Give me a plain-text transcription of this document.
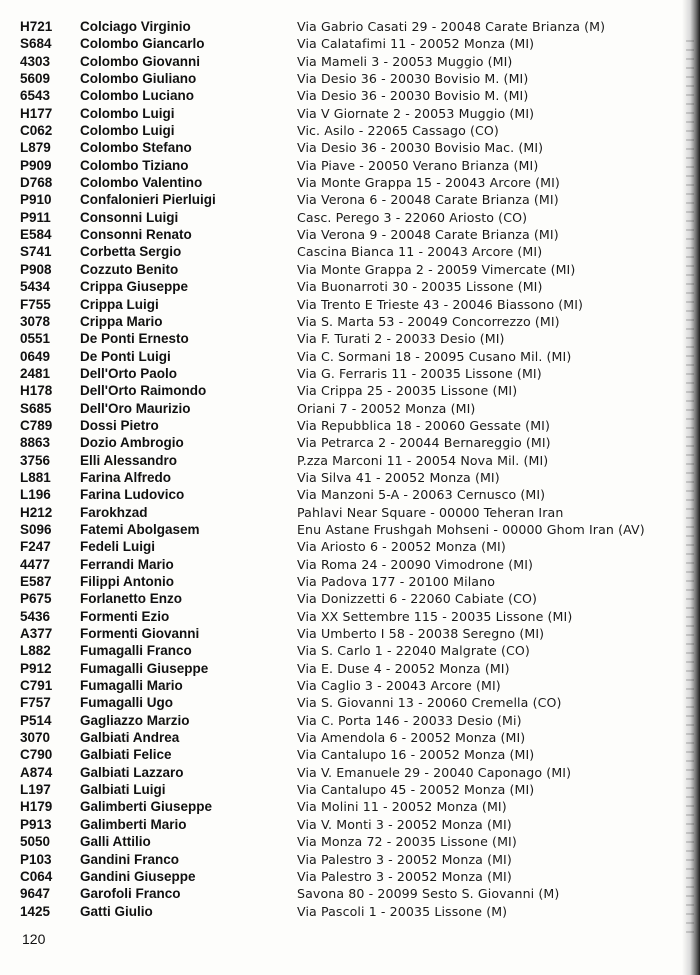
H721	Colciago Virginio	Via Gabrio Casati 29 - 20048 Carate Brianza (M)
S684	Colombo Giancarlo	Via Calatafimi 11 - 20052 Monza (MI)
4303	Colombo Giovanni	Via Mameli 3 - 20053 Muggio (MI)
5609	Colombo Giuliano	Via Desio 36 - 20030 Bovisio M. (MI)
6543	Colombo Luciano	Via Desio 36 - 20030 Bovisio M. (MI)
H177	Colombo Luigi	Via V Giornate 2 - 20053 Muggio (MI)
C062	Colombo Luigi	Vic. Asilo - 22065 Cassago (CO)
L879	Colombo Stefano	Via Desio 36 - 20030 Bovisio Mac. (MI)
P909	Colombo Tiziano	Via Piave - 20050 Verano Brianza (MI)
D768	Colombo Valentino	Via Monte Grappa 15 - 20043 Arcore (MI)
P910	Confalonieri Pierluigi	Via Verona 6 - 20048 Carate Brianza (MI)
P911	Consonni Luigi	Casc. Perego 3 - 22060 Ariosto (CO)
E584	Consonni Renato	Via Verona 9 - 20048 Carate Brianza (MI)
S741	Corbetta Sergio	Cascina Bianca 11 - 20043 Arcore (MI)
P908	Cozzuto Benito	Via Monte Grappa 2 - 20059 Vimercate (MI)
5434	Crippa Giuseppe	Via Buonarroti 30 - 20035 Lissone (MI)
F755	Crippa Luigi	Via Trento E Trieste 43 - 20046 Biassono (MI)
3078	Crippa Mario	Via S. Marta 53 - 20049 Concorrezzo (MI)
0551	De Ponti Ernesto	Via F. Turati 2 - 20033 Desio (MI)
0649	De Ponti Luigi	Via C. Sormani 18 - 20095 Cusano Mil. (MI)
2481	Dell'Orto Paolo	Via G. Ferraris 11 - 20035 Lissone (MI)
H178	Dell'Orto Raimondo	Via Crippa 25 - 20035 Lissone (MI)
S685	Dell'Oro Maurizio	Oriani 7 - 20052 Monza (MI)
C789	Dossi Pietro	Via Repubblica 18 - 20060 Gessate (MI)
8863	Dozio Ambrogio	Via Petrarca 2 - 20044 Bernareggio (MI)
3756	Elli Alessandro	P.zza Marconi 11 - 20054 Nova Mil. (MI)
L881	Farina Alfredo	Via Silva 41 - 20052 Monza (MI)
L196	Farina Ludovico	Via Manzoni 5-A - 20063 Cernusco (MI)
H212	Farokhzad	Pahlavi Near Square - 00000 Teheran Iran
S096	Fatemi Abolgasem	Enu Astane Frushgah Mohseni - 00000 Ghom Iran (AV)
F247	Fedeli Luigi	Via Ariosto 6 - 20052 Monza (MI)
4477	Ferrandi Mario	Via Roma 24 - 20090 Vimodrone (MI)
E587	Filippi Antonio	Via Padova 177 - 20100 Milano
P675	Forlanetto Enzo	Via Donizzetti 6 - 22060 Cabiate (CO)
5436	Formenti Ezio	Via XX Settembre 115 - 20035 Lissone (MI)
A377	Formenti Giovanni	Via Umberto I 58 - 20038 Seregno (MI)
L882	Fumagalli Franco	Via S. Carlo 1 - 22040 Malgrate (CO)
P912	Fumagalli Giuseppe	Via E. Duse 4 - 20052 Monza (MI)
C791	Fumagalli Mario	Via Caglio 3 - 20043 Arcore (MI)
F757	Fumagalli Ugo	Via S. Giovanni 13 - 20060 Cremella (CO)
P514	Gagliazzo Marzio	Via C. Porta 146 - 20033 Desio (Mi)
3070	Galbiati Andrea	Via Amendola 6 - 20052 Monza (MI)
C790	Galbiati Felice	Via Cantalupo 16 - 20052 Monza (MI)
A874	Galbiati Lazzaro	Via V. Emanuele 29 - 20040 Caponago (MI)
L197	Galbiati Luigi	Via Cantalupo 45 - 20052 Monza (MI)
H179	Galimberti Giuseppe	Via Molini 11 - 20052 Monza (MI)
P913	Galimberti Mario	Via V. Monti 3 - 20052 Monza (MI)
5050	Galli Attilio	Via Monza 72 - 20035 Lissone (MI)
P103	Gandini Franco	Via Palestro 3 - 20052 Monza (MI)
C064	Gandini Giuseppe	Via Palestro 3 - 20052 Monza (MI)
9647	Garofoli Franco	Savona 80 - 20099 Sesto S. Giovanni (M)
1425	Gatti Giulio	Via Pascoli 1 - 20035 Lissone (M)
120
